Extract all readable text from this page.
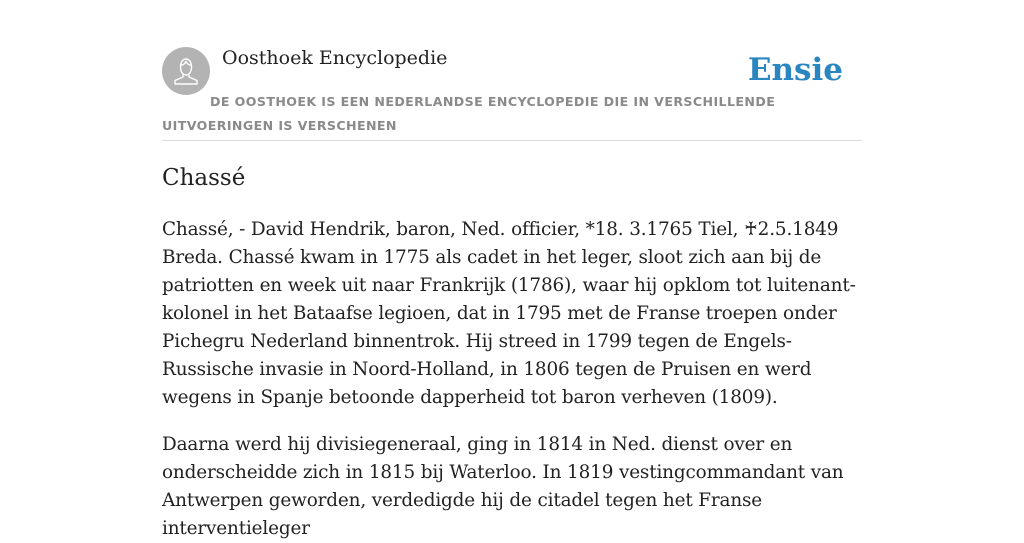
Oosthoek Encyclopedie	Ensie
DE OOSTHOEK IS EEN NEDERLANDSE ENCYCLOPEDIE DIE IN VERSCHILLENDE UITVOERINGEN IS VERSCHENEN
Chassé

Chassé, - David Hendrik, baron, Ned. officier, *18. 3.1765 Tiel, ♰2.5.1849 Breda. Chassé kwam in 1775 als cadet in het leger, sloot zich aan bij de patriotten en week uit naar Frankrijk (1786), waar hij opklom tot luitenant-kolonel in het Bataafse legioen, dat in 1795 met de Franse troepen onder Pichegru Nederland binnentrok. Hij streed in 1799 tegen de Engels-Russische invasie in Noord-Holland, in 1806 tegen de Pruisen en werd wegens in Spanje betoonde dapperheid tot baron verheven (1809).

Daarna werd hij divisiegeneraal, ging in 1814 in Ned. dienst over en onderscheidde zich in 1815 bij Waterloo. In 1819 vestingcommandant van Antwerpen geworden, verdedigde hij de citadel tegen het Franse interventieleger
